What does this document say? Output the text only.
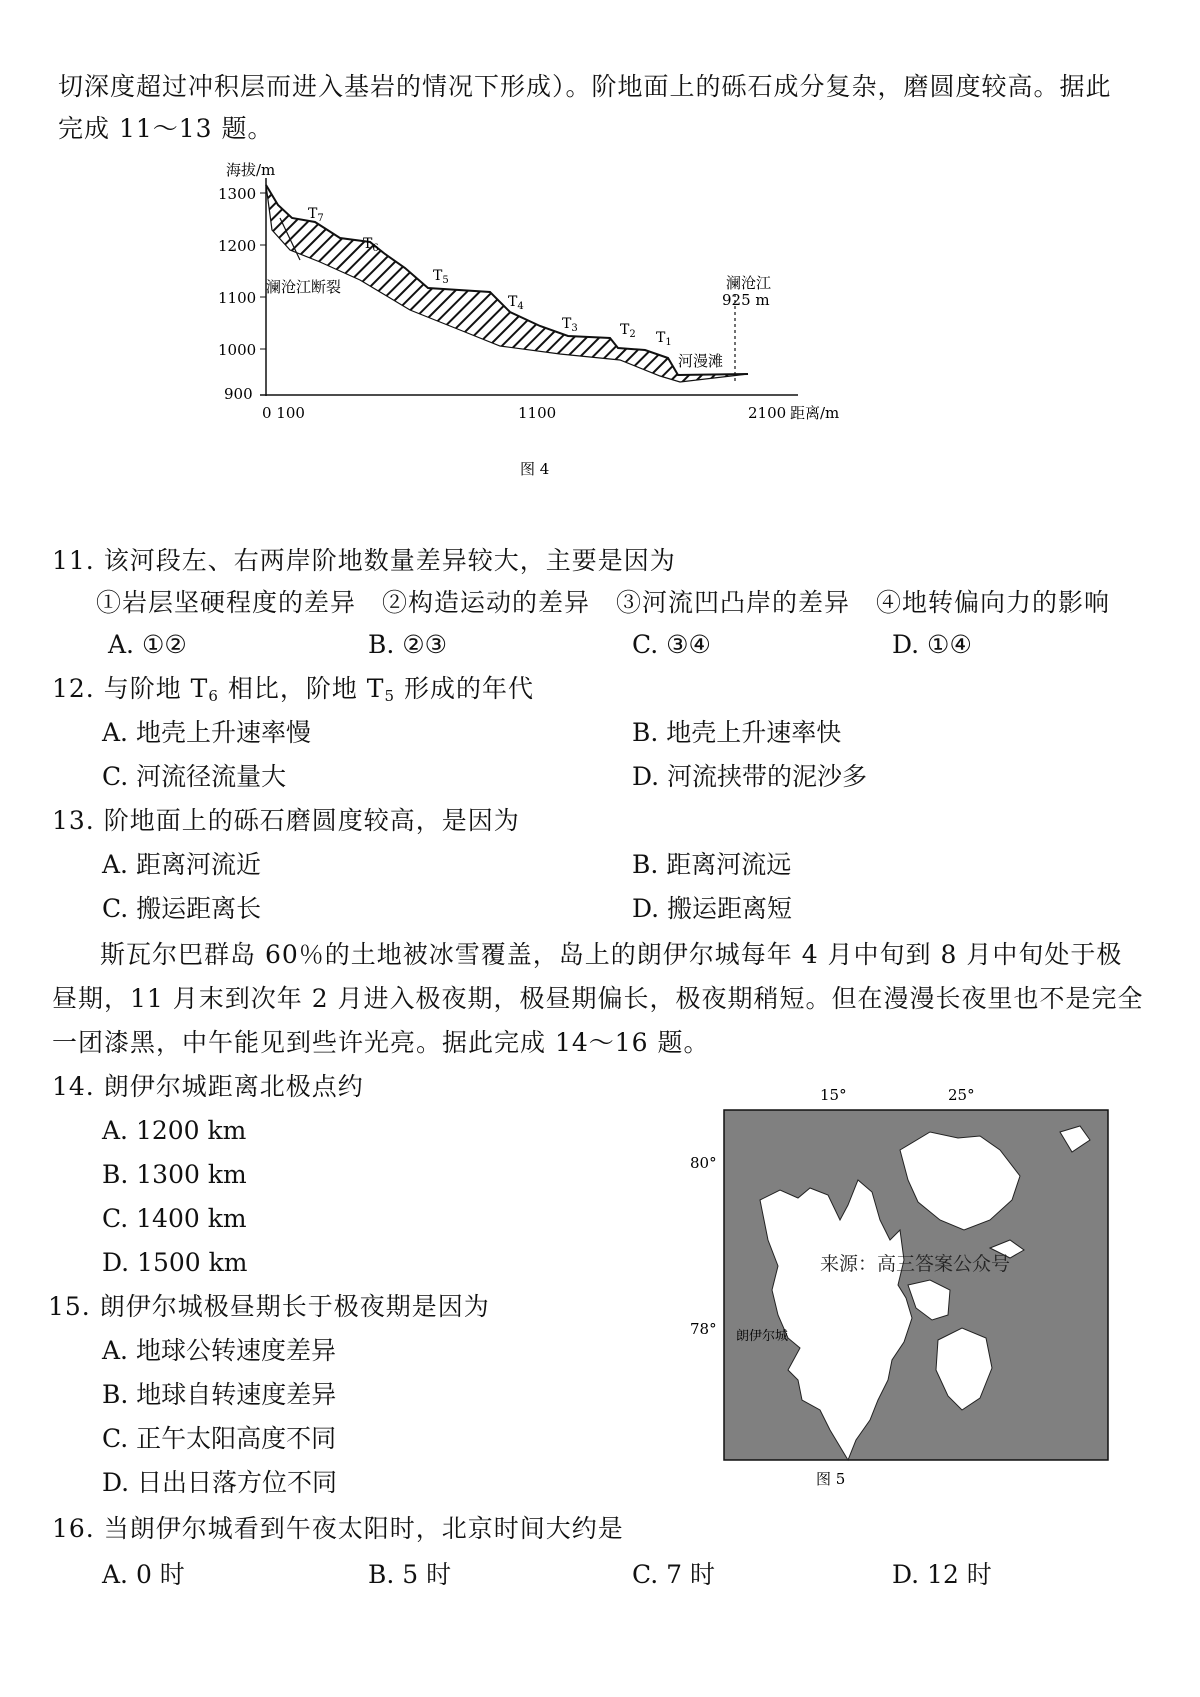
切深度超过冲积层而进入基岩的情况下形成）。阶地面上的砾石成分复杂，磨圆度较高。据此
完成 11～13 题。
海拔/m
1300
1200
1100
1000
900
0 100	1100	2100 距离/m
澜沧江断裂	澜沧江
925 m
河漫滩
$T_7$
$T_6$
$T_5$
$T_4$
$T_3$	$T_2$ $T_1$
图 4
11. 该河段左、右两岸阶地数量差异较大，主要是因为
①岩层坚硬程度的差异　②构造运动的差异　③河流凹凸岸的差异　④地转偏向力的影响
A. ①②	B. ②③	C. ③④	D. ①④
12. 与阶地 $T_6$ 相比，阶地 $T_5$ 形成的年代
A. 地壳上升速率慢	B. 地壳上升速率快
C. 河流径流量大	D. 河流挟带的泥沙多
13. 阶地面上的砾石磨圆度较高，是因为
A. 距离河流近	B. 距离河流远
C. 搬运距离长	D. 搬运距离短
斯瓦尔巴群岛 60％的土地被冰雪覆盖，岛上的朗伊尔城每年 4 月中旬到 8 月中旬处于极
昼期，11 月末到次年 2 月进入极夜期，极昼期偏长，极夜期稍短。但在漫漫长夜里也不是完全
一团漆黑，中午能见到些许光亮。据此完成 14～16 题。
14. 朗伊尔城距离北极点约
A. 1200 km
B. 1300 km
C. 1400 km
D. 1500 km
15. 朗伊尔城极昼期长于极夜期是因为
A. 地球公转速度差异
B. 地球自转速度差异
C. 正午太阳高度不同
D. 日出日落方位不同
16. 当朗伊尔城看到午夜太阳时，北京时间大约是
A. 0 时	B. 5 时	C. 7 时	D. 12 时
15°	25°
80°
78° 朗伊尔城
来源：高三答案公众号
图 5
